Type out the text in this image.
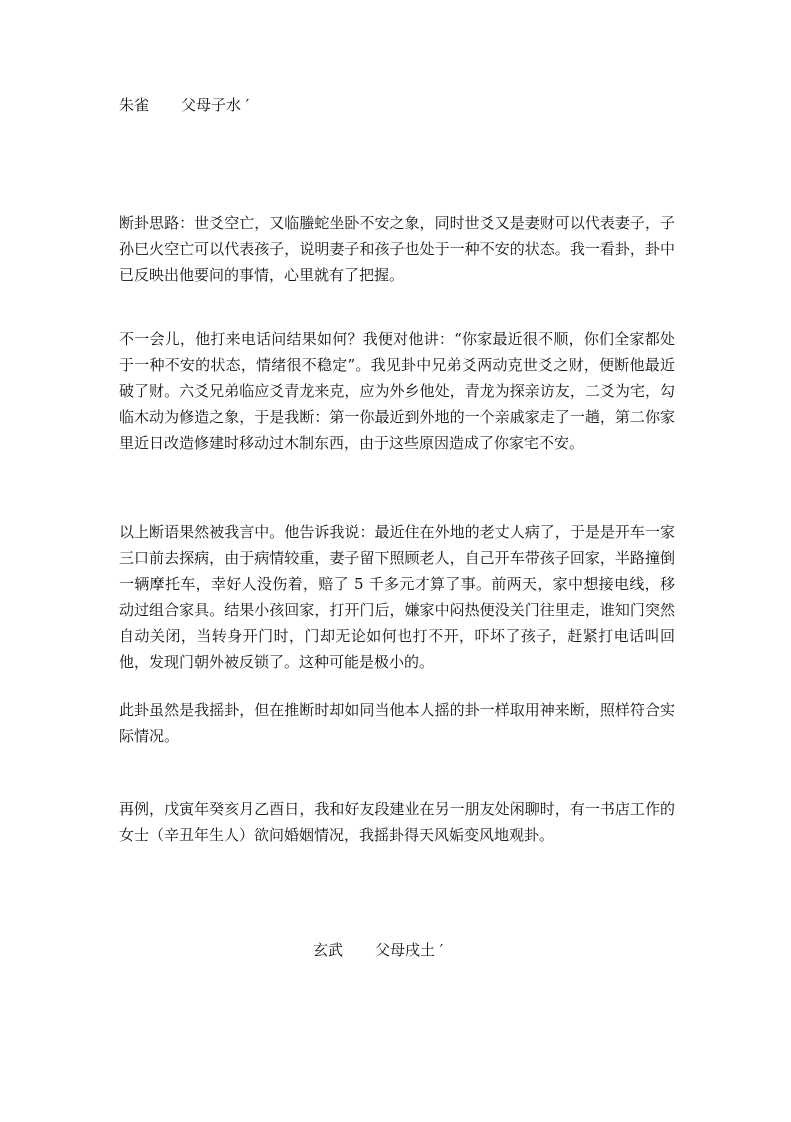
朱雀 父母子水 ′

断卦思路：世爻空亡，又临螣蛇坐卧不安之象，同时世爻又是妻财可以代表妻子，子孙巳火空亡可以代表孩子，说明妻子和孩子也处于一种不安的状态。我一看卦，卦中已反映出他要问的事情，心里就有了把握。

不一会儿，他打来电话问结果如何？我便对他讲：“你家最近很不顺，你们全家都处于一种不安的状态，情绪很不稳定”。我见卦中兄弟爻两动克世爻之财，便断他最近破了财。六爻兄弟临应爻青龙来克，应为外乡他处，青龙为探亲访友，二爻为宅，勾临木动为修造之象，于是我断：第一你最近到外地的一个亲戚家走了一趟，第二你家里近日改造修建时移动过木制东西，由于这些原因造成了你家宅不安。

以上断语果然被我言中。他告诉我说：最近住在外地的老丈人病了，于是是开车一家三口前去探病，由于病情较重，妻子留下照顾老人，自己开车带孩子回家，半路撞倒一辆摩托车，幸好人没伤着，赔了 5 千多元才算了事。前两天，家中想接电线，移动过组合家具。结果小孩回家，打开门后，嫌家中闷热便没关门往里走，谁知门突然自动关闭，当转身开门时，门却无论如何也打不开，吓坏了孩子，赶紧打电话叫回他，发现门朝外被反锁了。这种可能是极小的。

此卦虽然是我摇卦，但在推断时却如同当他本人摇的卦一样取用神来断，照样符合实际情况。

再例，戊寅年癸亥月乙酉日，我和好友段建业在另一朋友处闲聊时，有一书店工作的女士（辛丑年生人）欲问婚姻情况，我摇卦得天风姤变风地观卦。

玄武 父母戌土 ′
